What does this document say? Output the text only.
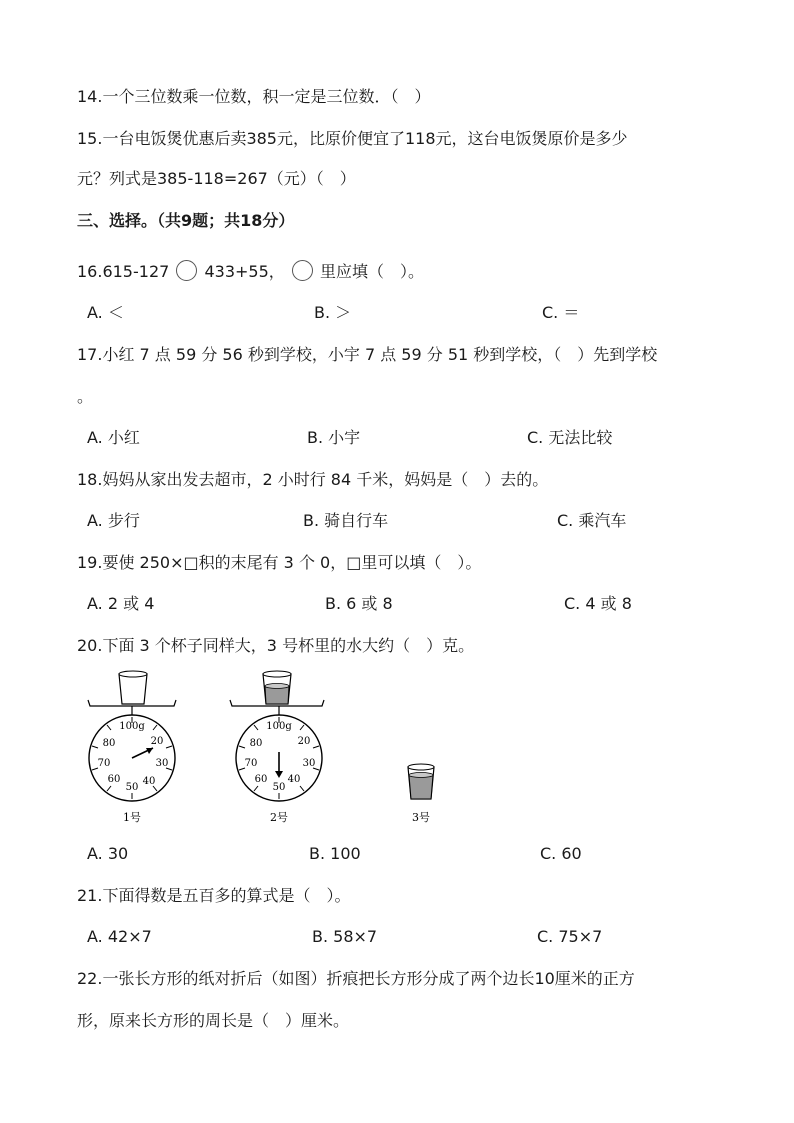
14.一个三位数乘一位数，积一定是三位数．（　）
15.一台电饭煲优惠后卖385元，比原价便宜了118元，这台电饭煲原价是多少
元？列式是385-118=267（元）（　）
三、选择。（共9题；共18分）
16.615-127 433+55， 里应填（　）。
A. ＜	B. ＞	C. ＝
17.小红 7 点 59 分 56 秒到学校，小宇 7 点 59 分 51 秒到学校，（　）先到学校
。
A. 小红	B. 小宇	C. 无法比较
18.妈妈从家出发去超市，2 小时行 84 千米，妈妈是（　）去的。
A. 步行	B. 骑自行车	C. 乘汽车
19.要使 250×□积的末尾有 3 个 0，□里可以填（　）。
A. 2 或 4	B. 6 或 8	C. 4 或 8
20.下面 3 个杯子同样大，3 号杯里的水大约（　）克。
100g
20
30
40
50
60
70
80
1号
100g
20
30
40
50
60
70
80
2号	3号
A. 30	B. 100	C. 60
21.下面得数是五百多的算式是（　）。
A. 42×7	B. 58×7	C. 75×7
22.一张长方形的纸对折后（如图）折痕把长方形分成了两个边长10厘米的正方
形，原来长方形的周长是（　）厘米。
